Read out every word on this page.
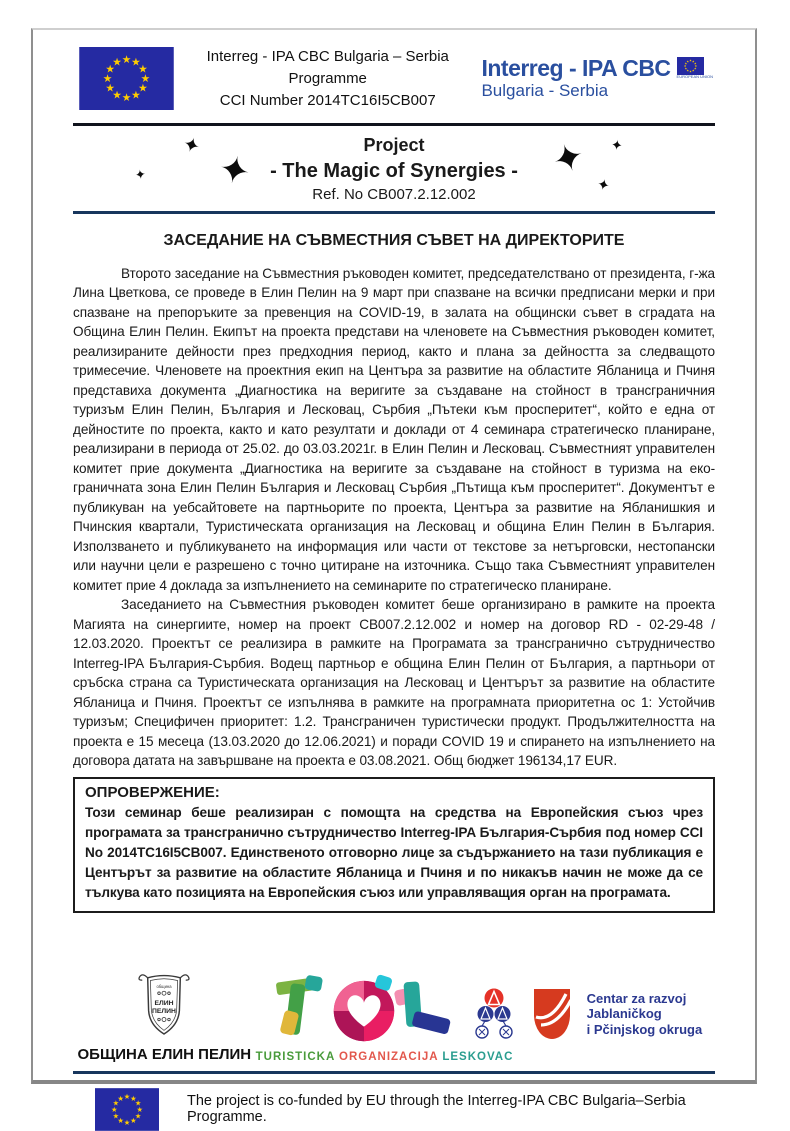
Interreg - IPA CBC Bulgaria – Serbia Programme
CCI Number 2014TC16I5CB007
Interreg - IPA CBC EUROPEAN UNION
Bulgaria - Serbia
✦
✦
✦	✦ ✦
✦
Project
- The Magic of Synergies -
Ref. No CB007.2.12.002
ЗАСЕДАНИЕ НА СЪВМЕСТНИЯ СЪВЕТ НА ДИРЕКТОРИТЕ

Второто заседание на Съвместния ръководен комитет, председателствано от президента, г-жа Лина Цветкова, се проведе в Елин Пелин на 9 март при спазване на всички предписани мерки и при спазване на препоръките за превенция на COVID-19, в залата на общински съвет в сградата на Община Елин Пелин. Екипът на проекта представи на членовете на Съвместния ръководен комитет, реализираните дейности през предходния период, както и плана за дейността за следващото тримесечие. Членовете на проектния екип на Центъра за развитие на областите Ябланица и Пчиня представиха документа „Диагностика на веригите за създаване на стойност в трансграничния туризъм Елин Пелин, България и Лесковац, Сърбия „Пътеки към просперитет“, който е една от дейностите по проекта, както и като резултати и доклади от 4 семинара стратегическо планиране, реализирани в периода от 25.02. до 03.03.2021г. в Елин Пелин и Лесковац. Съвместният управителен комитет прие документа „Диагностика на веригите за създаване на стойност в туризма на еко-граничната зона Елин Пелин България и Лесковац Сърбия „Пътища към просперитет“. Документът е публикуван на уебсайтовете на партньорите по проекта, Центъра за развитие на Ябланишкия и Пчинския квартали, Туристическата организация на Лесковац и община Елин Пелин в България. Използването и публикуването на информация или части от текстове за нетърговски, нестопански или научни цели е разрешено с точно цитиране на източника. Също така Съвместният управителен комитет прие 4 доклада за изпълнението на семинарите по стратегическо планиране.

Заседанието на Съвместния ръководен комитет беше организирано в рамките на проекта Магията на синергиите, номер на проект CB007.2.12.002 и номер на договор RD - 02-29-48 / 12.03.2020. Проектът се реализира в рамките на Програмата за трансгранично сътрудничество Interreg-IPA България-Сърбия. Водещ партньор е община Елин Пелин от България, а партньори от сръбска страна са Туристическата организация на Лесковац и Центърът за развитие на областите Ябланица и Пчиня. Проектът се изпълнява в рамките на програмната приоритетна ос 1: Устойчив туризъм; Специфичен приоритет: 1.2. Трансграничен туристически продукт. Продължителността на проекта е 15 месеца (13.03.2020 до 12.06.2021) и поради COVID 19 и спирането на изпълнението на договора датата на завършване на проекта е 03.08.2021. Общ бюджет 196134,17 EUR.

ОПРОВЕРЖЕНИЕ:
Този семинар беше реализиран с помощта на средства на Европейския съюз чрез програмата за трансгранично сътрудничество Interreg-IPA България-Сърбия под номер CCI No 2014TC16I5CB007. Единственото отговорно лице за съдържанието на тази публикация е Центърът за развитие на областите Ябланица и Пчиня и по никакъв начин не може да се тълкува като позицията на Европейския съюз или управляващия орган на програмата.
община
ЕЛИН
ПЕЛИН
ОБЩИНА ЕЛИН ПЕЛИН TURISTICKA ORGANIZACIJA LESKOVAC
Centar za razvoj Jablaničkog
i Pčinjskog okruga
The project is co-funded by EU through the Interreg-IPA CBC Bulgaria–Serbia Programme.
